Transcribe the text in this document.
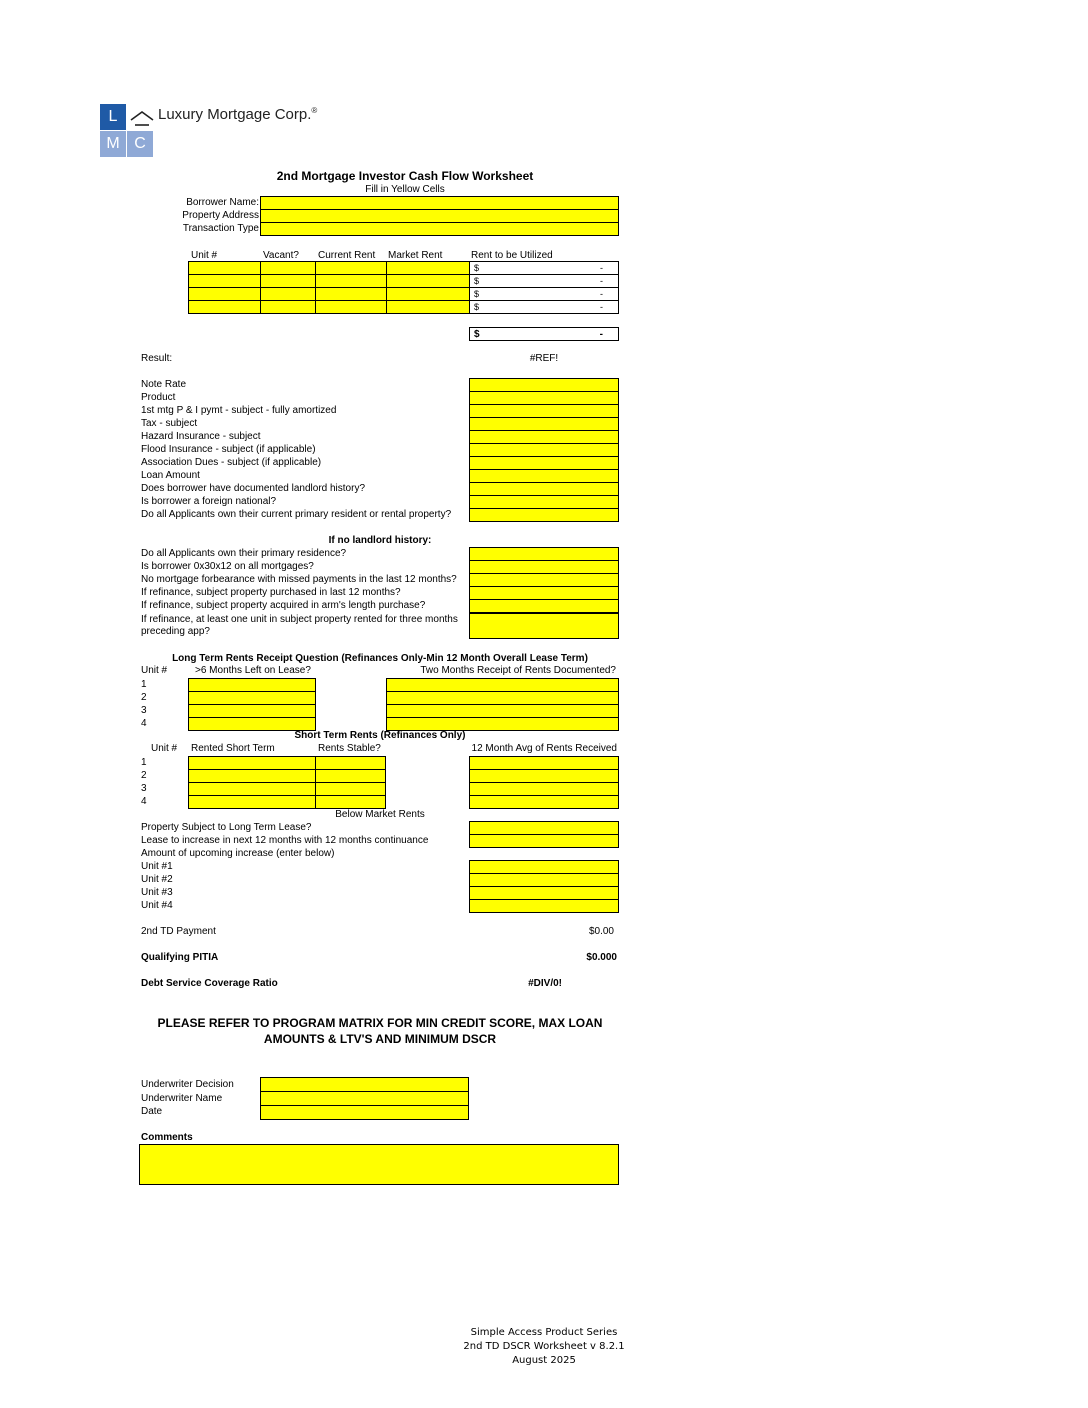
L
M C
Luxury Mortgage Corp.®
2nd Mortgage Investor Cash Flow Worksheet
Fill in Yellow Cells
Borrower Name:
Property Address
Transaction Type
Unit #	Vacant? Current Rent Market Rent	Rent to be Utilized
$	-
$	-
$	-
$	-
$	-
Result:	#REF!
Note Rate
Product
1st mtg P & I pymt - subject - fully amortized
Tax - subject
Hazard Insurance - subject
Flood Insurance - subject (if applicable)
Association Dues - subject (if applicable)
Loan Amount
Does borrower have documented landlord history?
Is borrower a foreign national?
Do all Applicants own their current primary resident or rental property?
If no landlord history:
Do all Applicants own their primary residence?
Is borrower 0x30x12 on all mortgages?
No mortgage forbearance with missed payments in the last 12 months?
If refinance, subject property purchased in last 12 months?
If refinance, subject property acquired in arm's length purchase?
If refinance, at least one unit in subject property rented for three months
preceding app?
Long Term Rents Receipt Question (Refinances Only-Min 12 Month Overall Lease Term)
Unit #	>6 Months Left on Lease?	Two Months Receipt of Rents Documented?
1
2
3
4
Short Term Rents (Refinances Only)
Unit # Rented Short Term	Rents Stable?	12 Month Avg of Rents Received
1
2
3
4
Below Market Rents
Property Subject to Long Term Lease?
Lease to increase in next 12 months with 12 months continuance
Amount of upcoming increase (enter below)
Unit #1
Unit #2
Unit #3
Unit #4
2nd TD Payment	$0.00
Qualifying PITIA	$0.000
Debt Service Coverage Ratio	#DIV/0!
PLEASE REFER TO PROGRAM MATRIX FOR MIN CREDIT SCORE, MAX LOAN
AMOUNTS & LTV'S AND MINIMUM DSCR
Underwriter Decision
Underwriter Name
Date
Comments
Simple Access Product Series
2nd TD DSCR Worksheet v 8.2.1
August 2025
